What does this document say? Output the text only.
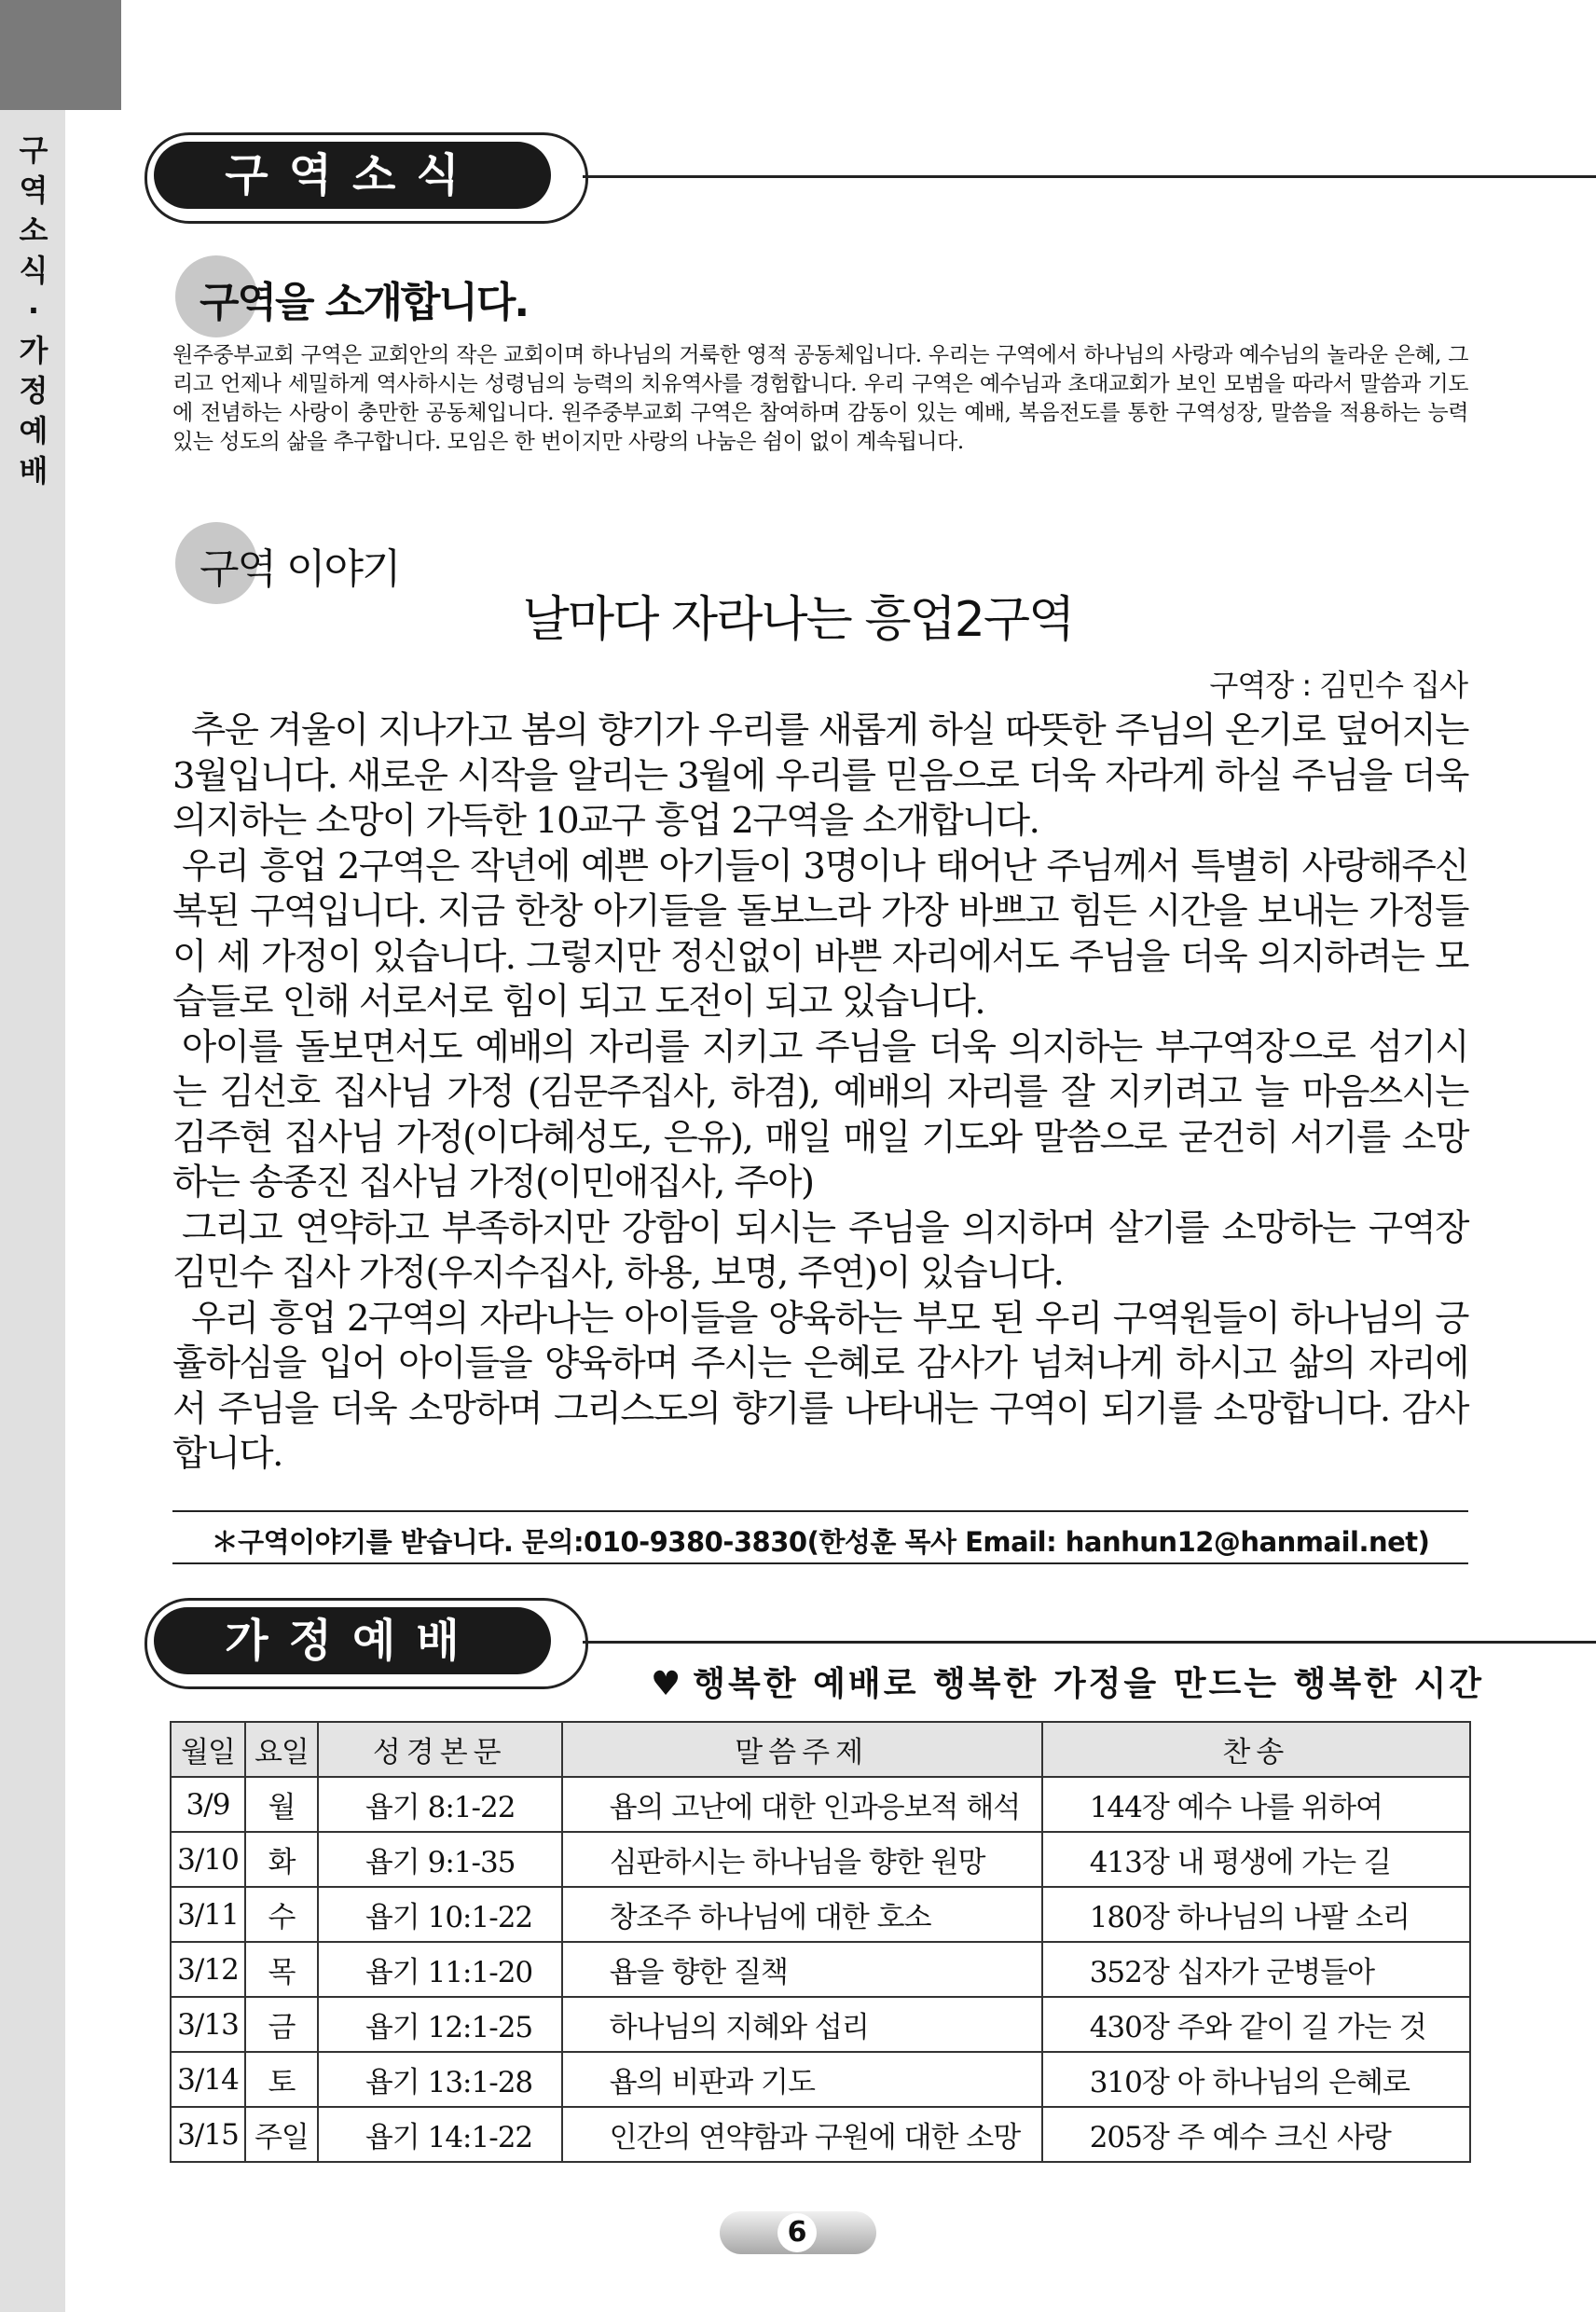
구
역
소
식
·
가
정
예
배
구역소식
구역을 소개합니다.
원주중부교회 구역은 교회안의 작은 교회이며 하나님의 거룩한 영적 공동체입니다. 우리는 구역에서 하나님의 사랑과 예수님의 놀라운 은혜, 그리고 언제나 세밀하게 역사하시는 성령님의 능력의 치유역사를 경험합니다. 우리 구역은 예수님과 초대교회가 보인 모범을 따라서 말씀과 기도에 전념하는 사랑이 충만한 공동체입니다. 원주중부교회 구역은 참여하며 감동이 있는 예배, 복음전도를 통한 구역성장, 말씀을 적용하는 능력 있는 성도의 삶을 추구합니다. 모임은 한 번이지만 사랑의 나눔은 쉼이 없이 계속됩니다.
구역 이야기
날마다 자라나는 흥업2구역
구역장 : 김민수 집사

추운 겨울이 지나가고 봄의 향기가 우리를 새롭게 하실 따뜻한 주님의 온기로 덮어지는 3월입니다. 새로운 시작을 알리는 3월에 우리를 믿음으로 더욱 자라게 하실 주님을 더욱 의지하는 소망이 가득한 10교구 흥업 2구역을 소개합니다.

우리 흥업 2구역은 작년에 예쁜 아기들이 3명이나 태어난 주님께서 특별히 사랑해주신 복된 구역입니다. 지금 한창 아기들을 돌보느라 가장 바쁘고 힘든 시간을 보내는 가정들이 세 가정이 있습니다. 그렇지만 정신없이 바쁜 자리에서도 주님을 더욱 의지하려는 모습들로 인해 서로서로 힘이 되고 도전이 되고 있습니다.

아이를 돌보면서도 예배의 자리를 지키고 주님을 더욱 의지하는 부구역장으로 섬기시는 김선호 집사님 가정 (김문주집사, 하겸), 예배의 자리를 잘 지키려고 늘 마음쓰시는 김주현 집사님 가정(이다혜성도, 은유), 매일 매일 기도와 말씀으로 굳건히 서기를 소망하는 송종진 집사님 가정(이민애집사, 주아)

그리고 연약하고 부족하지만 강함이 되시는 주님을 의지하며 살기를 소망하는 구역장 김민수 집사 가정(우지수집사, 하용, 보명, 주연)이 있습니다.

우리 흥업 2구역의 자라나는 아이들을 양육하는 부모 된 우리 구역원들이 하나님의 긍휼하심을 입어 아이들을 양육하며 주시는 은혜로 감사가 넘쳐나게 하시고 삶의 자리에서 주님을 더욱 소망하며 그리스도의 향기를 나타내는 구역이 되기를 소망합니다. 감사합니다.

＊구역이야기를 받습니다. 문의:010-9380-3830(한성훈 목사 Email: hanhun12@hanmail.net)
가정예배
♥ 행복한 예배로 행복한 가정을 만드는 행복한 시간
월일	요일	성경본문	말씀주제	찬송
3/9	월	욥기 8:1-22	욥의 고난에 대한 인과응보적 해석	144장 예수 나를 위하여
3/10	화	욥기 9:1-35	심판하시는 하나님을 향한 원망	413장 내 평생에 가는 길
3/11	수	욥기 10:1-22	창조주 하나님에 대한 호소	180장 하나님의 나팔 소리
3/12	목	욥기 11:1-20	욥을 향한 질책	352장 십자가 군병들아
3/13	금	욥기 12:1-25	하나님의 지혜와 섭리	430장 주와 같이 길 가는 것
3/14	토	욥기 13:1-28	욥의 비판과 기도	310장 아 하나님의 은혜로
3/15	주일	욥기 14:1-22	인간의 연약함과 구원에 대한 소망	205장 주 예수 크신 사랑
6
